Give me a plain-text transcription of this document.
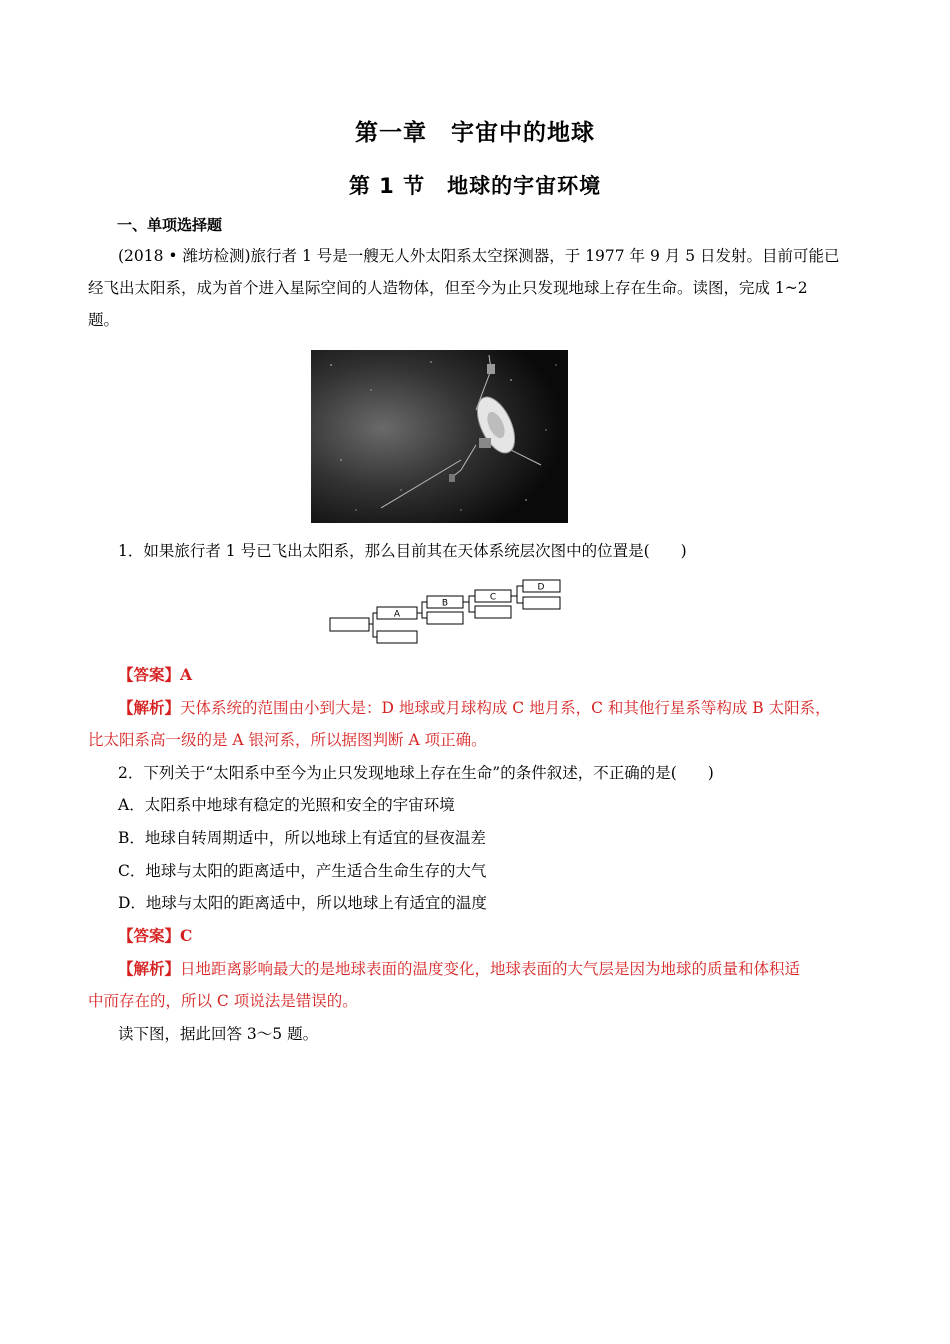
第一章　宇宙中的地球
第 1 节　地球的宇宙环境
一、单项选择题
(2018 • 潍坊检测)旅行者 1 号是一艘无人外太阳系太空探测器，于 1977 年 9 月 5 日发射。目前可能已
经飞出太阳系，成为首个进入星际空间的人造物体，但至今为止只发现地球上存在生命。读图，完成 1~2
题。
1．如果旅行者 1 号已飞出太阳系，那么目前其在天体系统层次图中的位置是(　　)
A
B
C
D
【答案】A
【解析】天体系统的范围由小到大是：D 地球或月球构成 C 地月系，C 和其他行星系等构成 B 太阳系，
比太阳系高一级的是 A 银河系，所以据图判断 A 项正确。
2．下列关于“太阳系中至今为止只发现地球上存在生命”的条件叙述，不正确的是(　　)
A．太阳系中地球有稳定的光照和安全的宇宙环境
B．地球自转周期适中，所以地球上有适宜的昼夜温差
C．地球与太阳的距离适中，产生适合生命生存的大气
D．地球与太阳的距离适中，所以地球上有适宜的温度
【答案】C
【解析】日地距离影响最大的是地球表面的温度变化，地球表面的大气层是因为地球的质量和体积适
中而存在的，所以 C 项说法是错误的。
读下图，据此回答 3～5 题。
